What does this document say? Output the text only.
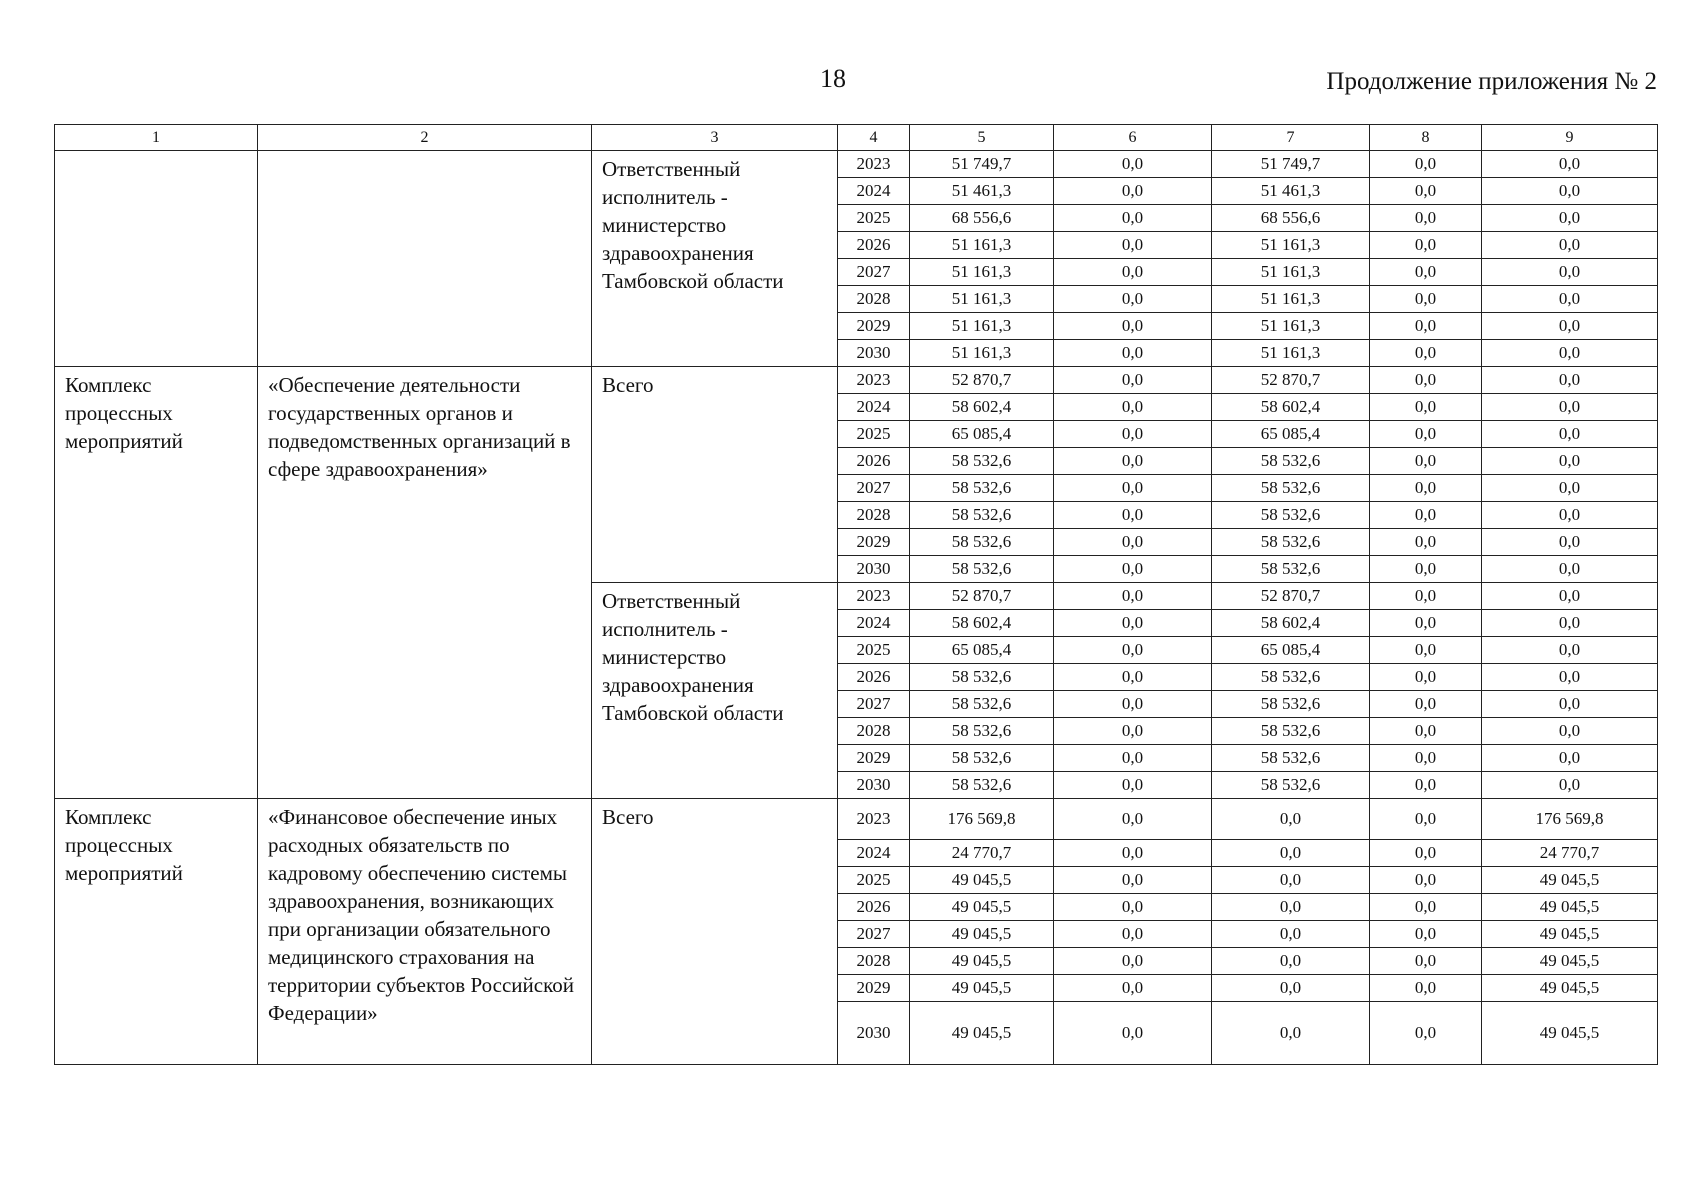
18	Продолжение приложения № 2
1	2	3	4	5	6	7	8	9
		Ответственный исполнитель - министерство здравоохранения Тамбовской области	2023	51 749,7	0,0	51 749,7	0,0	0,0
			2024	51 461,3	0,0	51 461,3	0,0	0,0
			2025	68 556,6	0,0	68 556,6	0,0	0,0
			2026	51 161,3	0,0	51 161,3	0,0	0,0
			2027	51 161,3	0,0	51 161,3	0,0	0,0
			2028	51 161,3	0,0	51 161,3	0,0	0,0
			2029	51 161,3	0,0	51 161,3	0,0	0,0
			2030	51 161,3	0,0	51 161,3	0,0	0,0
Комплекс процессных мероприятий	«Обеспечение деятельности государственных органов и подведомственных организаций в сфере здравоохранения»	Всего	2023	52 870,7	0,0	52 870,7	0,0	0,0
			2024	58 602,4	0,0	58 602,4	0,0	0,0
			2025	65 085,4	0,0	65 085,4	0,0	0,0
			2026	58 532,6	0,0	58 532,6	0,0	0,0
			2027	58 532,6	0,0	58 532,6	0,0	0,0
			2028	58 532,6	0,0	58 532,6	0,0	0,0
			2029	58 532,6	0,0	58 532,6	0,0	0,0
			2030	58 532,6	0,0	58 532,6	0,0	0,0
		Ответственный исполнитель - министерство здравоохранения Тамбовской области	2023	52 870,7	0,0	52 870,7	0,0	0,0
			2024	58 602,4	0,0	58 602,4	0,0	0,0
			2025	65 085,4	0,0	65 085,4	0,0	0,0
			2026	58 532,6	0,0	58 532,6	0,0	0,0
			2027	58 532,6	0,0	58 532,6	0,0	0,0
			2028	58 532,6	0,0	58 532,6	0,0	0,0
			2029	58 532,6	0,0	58 532,6	0,0	0,0
			2030	58 532,6	0,0	58 532,6	0,0	0,0
Комплекс процессных мероприятий	«Финансовое обеспечение иных расходных обязательств по кадровому обеспечению системы здравоохранения, возникающих при организации обязательного медицинского страхования на территории субъектов Российской Федерации»	Всего	2023	176 569,8	0,0	0,0	0,0	176 569,8
			2024	24 770,7	0,0	0,0	0,0	24 770,7
			2025	49 045,5	0,0	0,0	0,0	49 045,5
			2026	49 045,5	0,0	0,0	0,0	49 045,5
			2027	49 045,5	0,0	0,0	0,0	49 045,5
			2028	49 045,5	0,0	0,0	0,0	49 045,5
			2029	49 045,5	0,0	0,0	0,0	49 045,5
			2030	49 045,5	0,0	0,0	0,0	49 045,5
